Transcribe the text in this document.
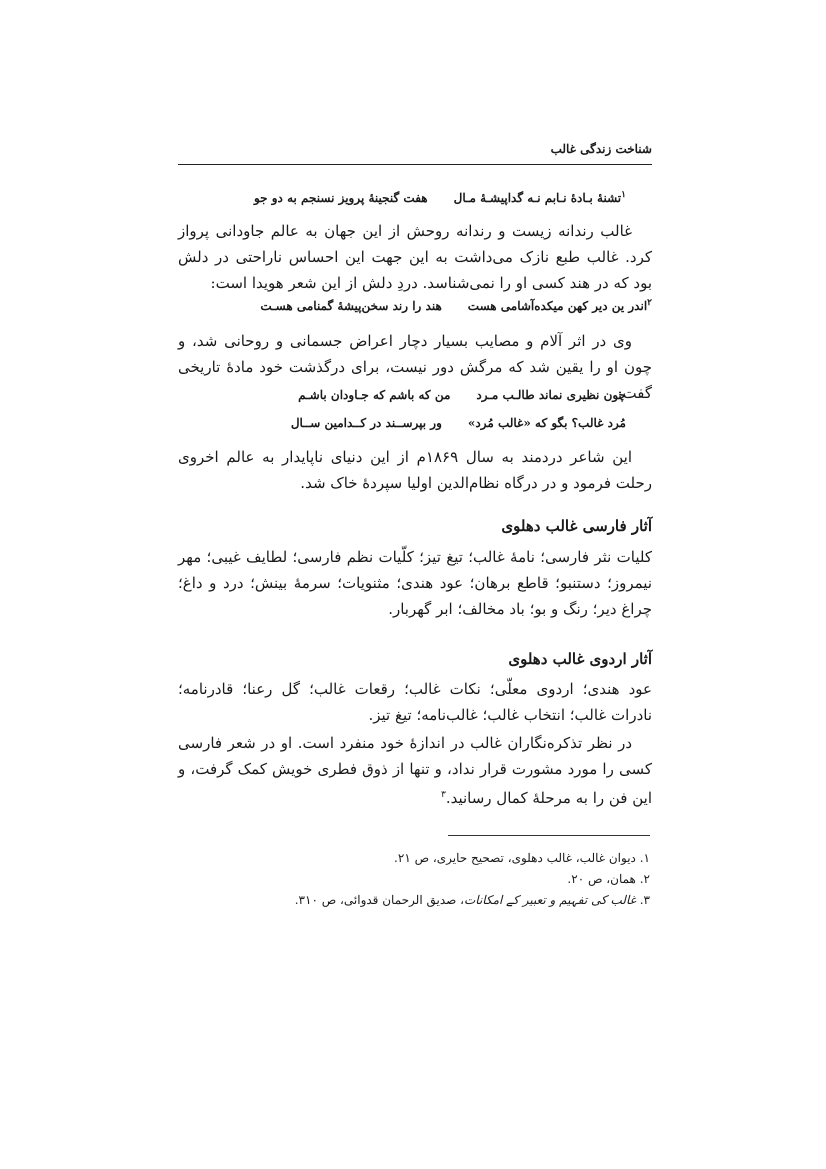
شناخت زندگی غالب
هفت گنجینهٔ پرویز نسنجم به دو جو تشنهٔ بـادهٔ نـابم نـه گداپیشـهٔ مـال$^۱$

غالب رندانه زیست و رندانه روحش از این جهان به عالم جاودانی پرواز کرد. غالب طبع نازک می‌داشت به این جهت این احساس ناراحتی در دلش بود که در هند کسی او را نمی‌شناسد. دردِ دلش از این شعر هویدا است:

هند را رند سخن‌پیشهٔ گمنامی هسـت اندر ین دیر کهن میکده‌آشامی هست$^۲$

وی در اثر آلام و مصایب بسیار دچار اعراض جسمانی و روحانی شد، و چون او را یقین شد که مرگش دور نیست، برای درگذشت خود مادهٔ تاریخی گفت:

من که باشم که جـاودان باشـم چون نظیری نماند طالـب مـرد
ور بپرســند در کــدامین ســال مُرد غالب؟ بگو که «غالب مُرد»

این شاعر دردمند به سال ۱۸۶۹م از این دنیای ناپایدار به عالم اخروی رحلت فرمود و در درگاه نظام‌الدین اولیا سپردهٔ خاک شد.

آثار فارسی غالب دهلوی

کلیات نثر فارسی؛ نامهٔ غالب؛ تیغ تیز؛ کلّیات نظم فارسی؛ لطایف غیبی؛ مهر نیمروز؛ دستنبو؛ قاطع برهان؛ عود هندی؛ مثنویات؛ سرمهٔ بینش؛ درد و داغ؛ چراغ دیر؛ رنگ و بو؛ باد مخالف؛ ابر گهربار.

آثار اردوی غالب دهلوی

عود هندی؛ اردوی معلّی؛ نکات غالب؛ رقعات غالب؛ گل رعنا؛ قادرنامه؛ نادرات غالب؛ انتخاب غالب؛ غالب‌نامه؛ تیغ تیز.

در نظر تذکره‌نگاران غالب در اندازهٔ خود منفرد است. او در شعر فارسی کسی را مورد مشورت قرار نداد، و تنها از ذوق فطری خویش کمک گرفت، و این فن را به مرحلهٔ کمال رسانید.$^۳$

۱. دیوان غالب، غالب دهلوی، تصحیح حایری، ص ۲۱.
۲. همان، ص ۲۰.
۳. غالب کی تفہیم و تعبیر کے امکانات، صدیق الرحمان قدوائی، ص ۳۱۰.
